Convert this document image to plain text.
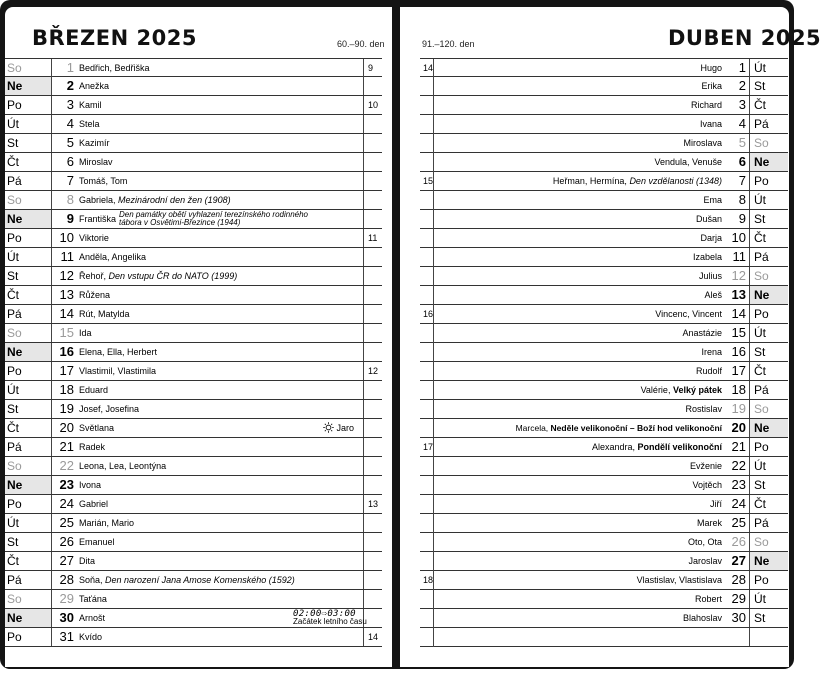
BŘEZEN 2025	60.–90. den
So	1 Bedřich, Bedřiška	9
Ne	2 Anežka
Po	3 Kamil	10
Út	4 Stela
St	5 Kazimír
Čt	6 Miroslav
Pá	7 Tomáš, Tom
So	8 Gabriela, Mezinárodní den žen (1908)
Ne	9 Františka Den památky obětí vyhlazení terezínského rodinného tábora v Osvětimi-Březince (1944)
Po	10 Viktorie	11
Út	11 Anděla, Angelika
St	12 Řehoř, Den vstupu ČR do NATO (1999)
Čt	13 Růžena
Pá	14 Rút, Matylda
So	15 Ida
Ne	16 Elena, Ella, Herbert
Po	17 Vlastimil, Vlastimila	12
Út	18 Eduard
St	19 Josef, Josefina
Čt	20 Světlana	Jaro
Pá	21 Radek
So	22 Leona, Lea, Leontýna
Ne	23 Ivona
Po	24 Gabriel	13
Út	25 Marián, Mario
St	26 Emanuel
Čt	27 Dita
Pá	28 Soňa, Den narození Jana Amose Komenského (1592)
So	29 Taťána
Ne	30 Arnošt	02:00⇨03:00
Začátek letního času
Po	31 Kvído	14
DUBEN 2025
91.–120. den
14	Hugo	1 Út
Erika	2 St
Richard	3 Čt
Ivana	4 Pá
Miroslava	5 So
Vendula, Venuše	6 Ne
15	Heřman, Hermína, Den vzdělanosti (1348)	7 Po
Ema	8 Út
Dušan	9 St
Darja 10 Čt
Izabela 11 Pá
Julius 12 So
Aleš 13 Ne
16	Vincenc, Vincent 14 Po
Anastázie 15 Út
Irena 16 St
Rudolf 17 Čt
Valérie, Velký pátek 18 Pá
Rostislav 19 So
Marcela, Neděle velikonoční – Boží hod velikonoční 20 Ne
17	Alexandra, Pondělí velikonoční 21 Po
Evženie 22 Út
Vojtěch 23 St
Jiří 24 Čt
Marek 25 Pá
Oto, Ota 26 So
Jaroslav 27 Ne
18	Vlastislav, Vlastislava 28 Po
Robert 29 Út
Blahoslav 30 St
